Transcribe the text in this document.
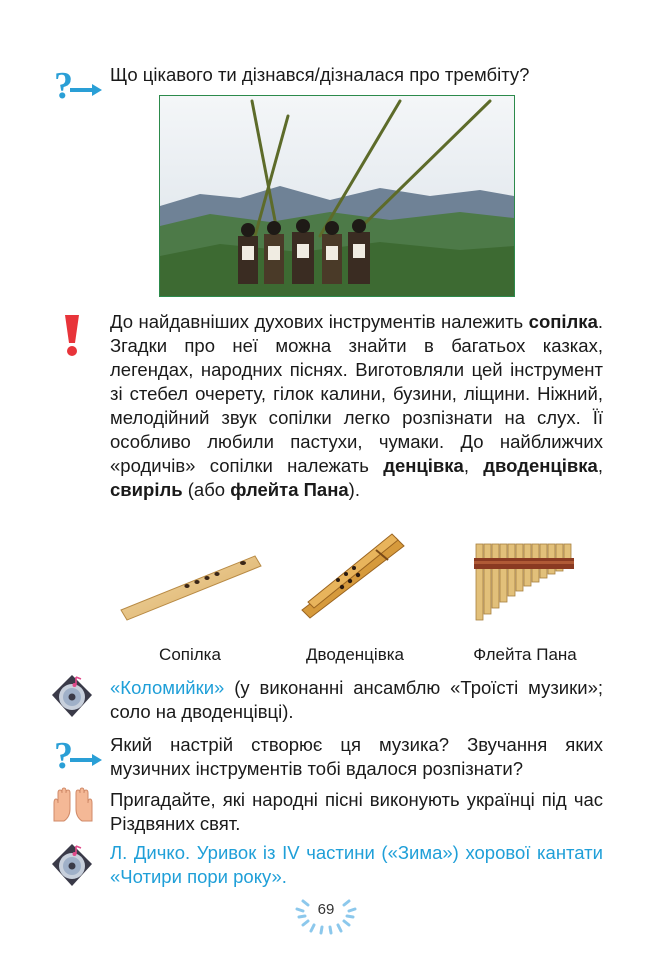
? Що цікавого ти дізнався/дізналася про трембіту?
До найдавніших духових інструментів належить сопілка. Згадки про неї можна знайти в багатьох казках, легендах, народних піснях. Виготовляли цей інструмент зі стебел очерету, гілок калини, бузини, ліщини. Ніжний, мелодійний звук сопілки легко розпізнати на слух. Її особливо любили пастухи, чумаки. До найближчих «родичів» сопілки належать денцівка, дводенцівка, свиріль (або флейта Пана).
Сопілка	Дводенцівка	Флейта Пана
«Коломийки» (у виконанні ансамблю «Троїсті музики»; соло на дводенцівці).
? Який настрій створює ця музика? Звучання яких музичних інструментів тобі вдалося розпізнати?
Пригадайте, які народні пісні виконують українці під час Різдвяних свят.
Л. Дичко. Уривок із IV частини («Зима») хорової кантати «Чотири пори року».
69
